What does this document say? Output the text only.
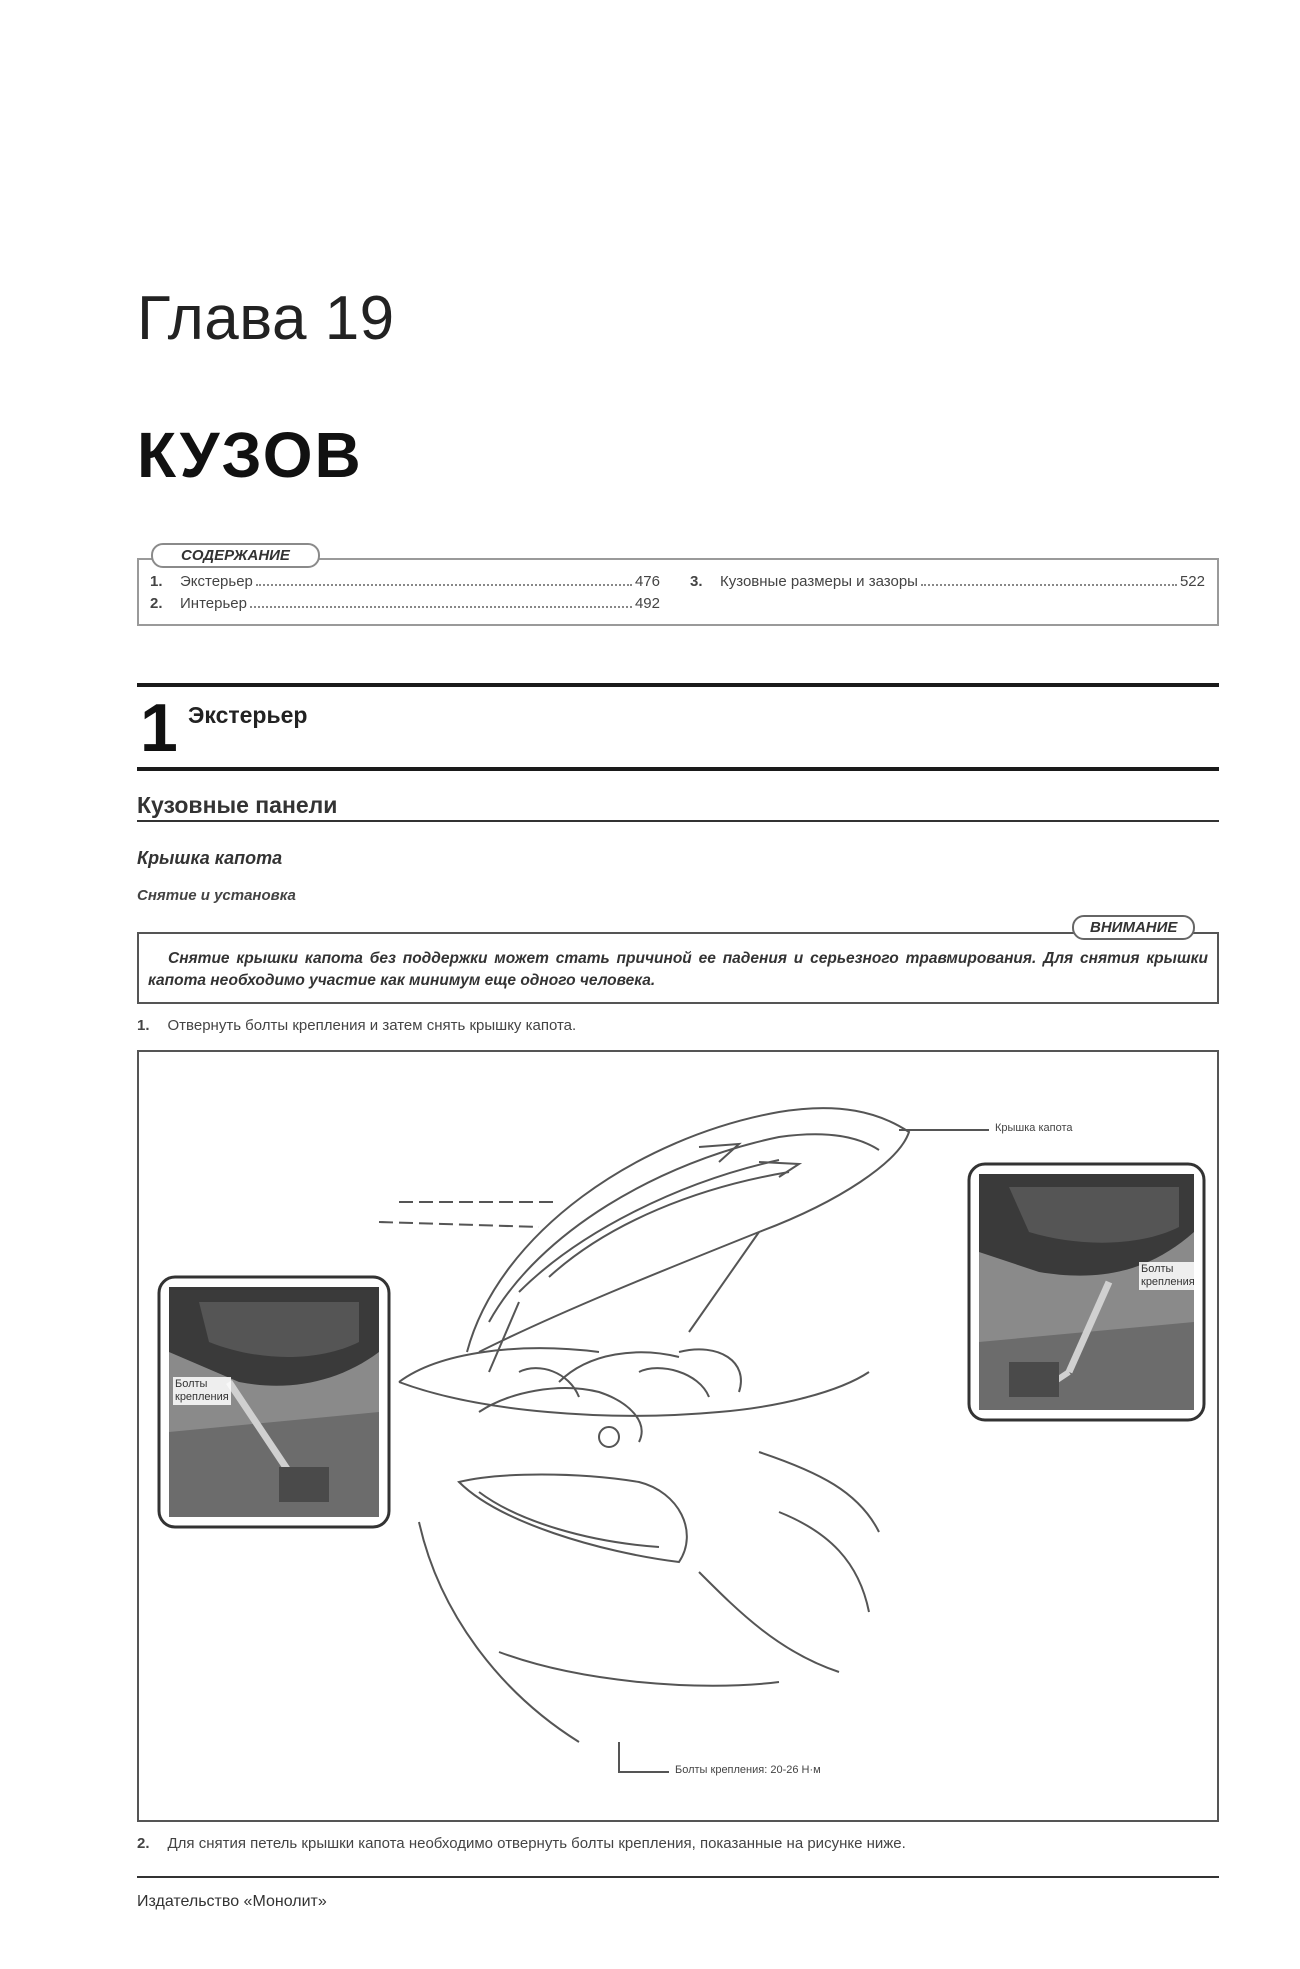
Глава 19
КУЗОВ
СОДЕРЖАНИЕ
1.	Экстерьер	476
2.	Интерьер	492
3.	Кузовные размеры и зазоры	522
1 Экстерьер
Кузовные панели
Крышка капота
Снятие и установка
ВНИМАНИЕ
Снятие крышки капота без поддержки может стать причиной ее падения и серьезного травмирования. Для снятия крышки капота необходимо участие как минимум еще одного человека.
1. Отвернуть болты крепления и затем снять крышку капота.
Крышка капота
Болты
крепления
Болты
крепления
Болты крепления: 20-26 Н·м
2. Для снятия петель крышки капота необходимо отвернуть болты крепления, показанные на рисунке ниже.
Издательство «Монолит»
